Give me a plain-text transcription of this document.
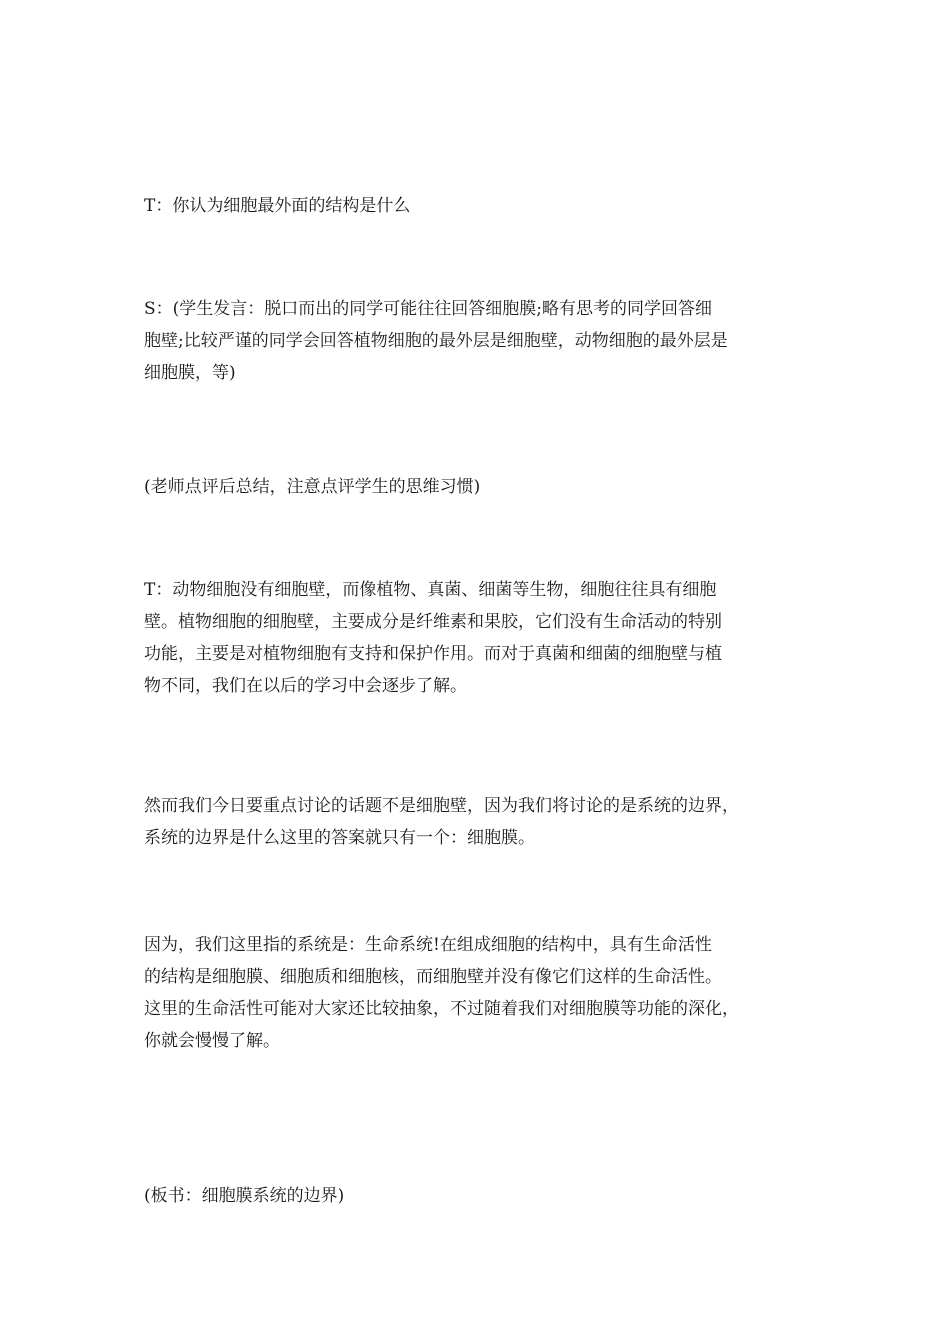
T：你认为细胞最外面的结构是什么

S：(学生发言：脱口而出的同学可能往往回答细胞膜;略有思考的同学回答细
胞壁;比较严谨的同学会回答植物细胞的最外层是细胞壁，动物细胞的最外层是
细胞膜，等)

(老师点评后总结，注意点评学生的思维习惯)

T：动物细胞没有细胞壁，而像植物、真菌、细菌等生物，细胞往往具有细胞
壁。植物细胞的细胞壁，主要成分是纤维素和果胶，它们没有生命活动的特别
功能，主要是对植物细胞有支持和保护作用。而对于真菌和细菌的细胞壁与植
物不同，我们在以后的学习中会逐步了解。

然而我们今日要重点讨论的话题不是细胞壁，因为我们将讨论的是系统的边界，
系统的边界是什么这里的答案就只有一个：细胞膜。

因为，我们这里指的系统是：生命系统!在组成细胞的结构中，具有生命活性
的结构是细胞膜、细胞质和细胞核，而细胞壁并没有像它们这样的生命活性。
这里的生命活性可能对大家还比较抽象，不过随着我们对细胞膜等功能的深化，
你就会慢慢了解。

(板书：细胞膜系统的边界)
